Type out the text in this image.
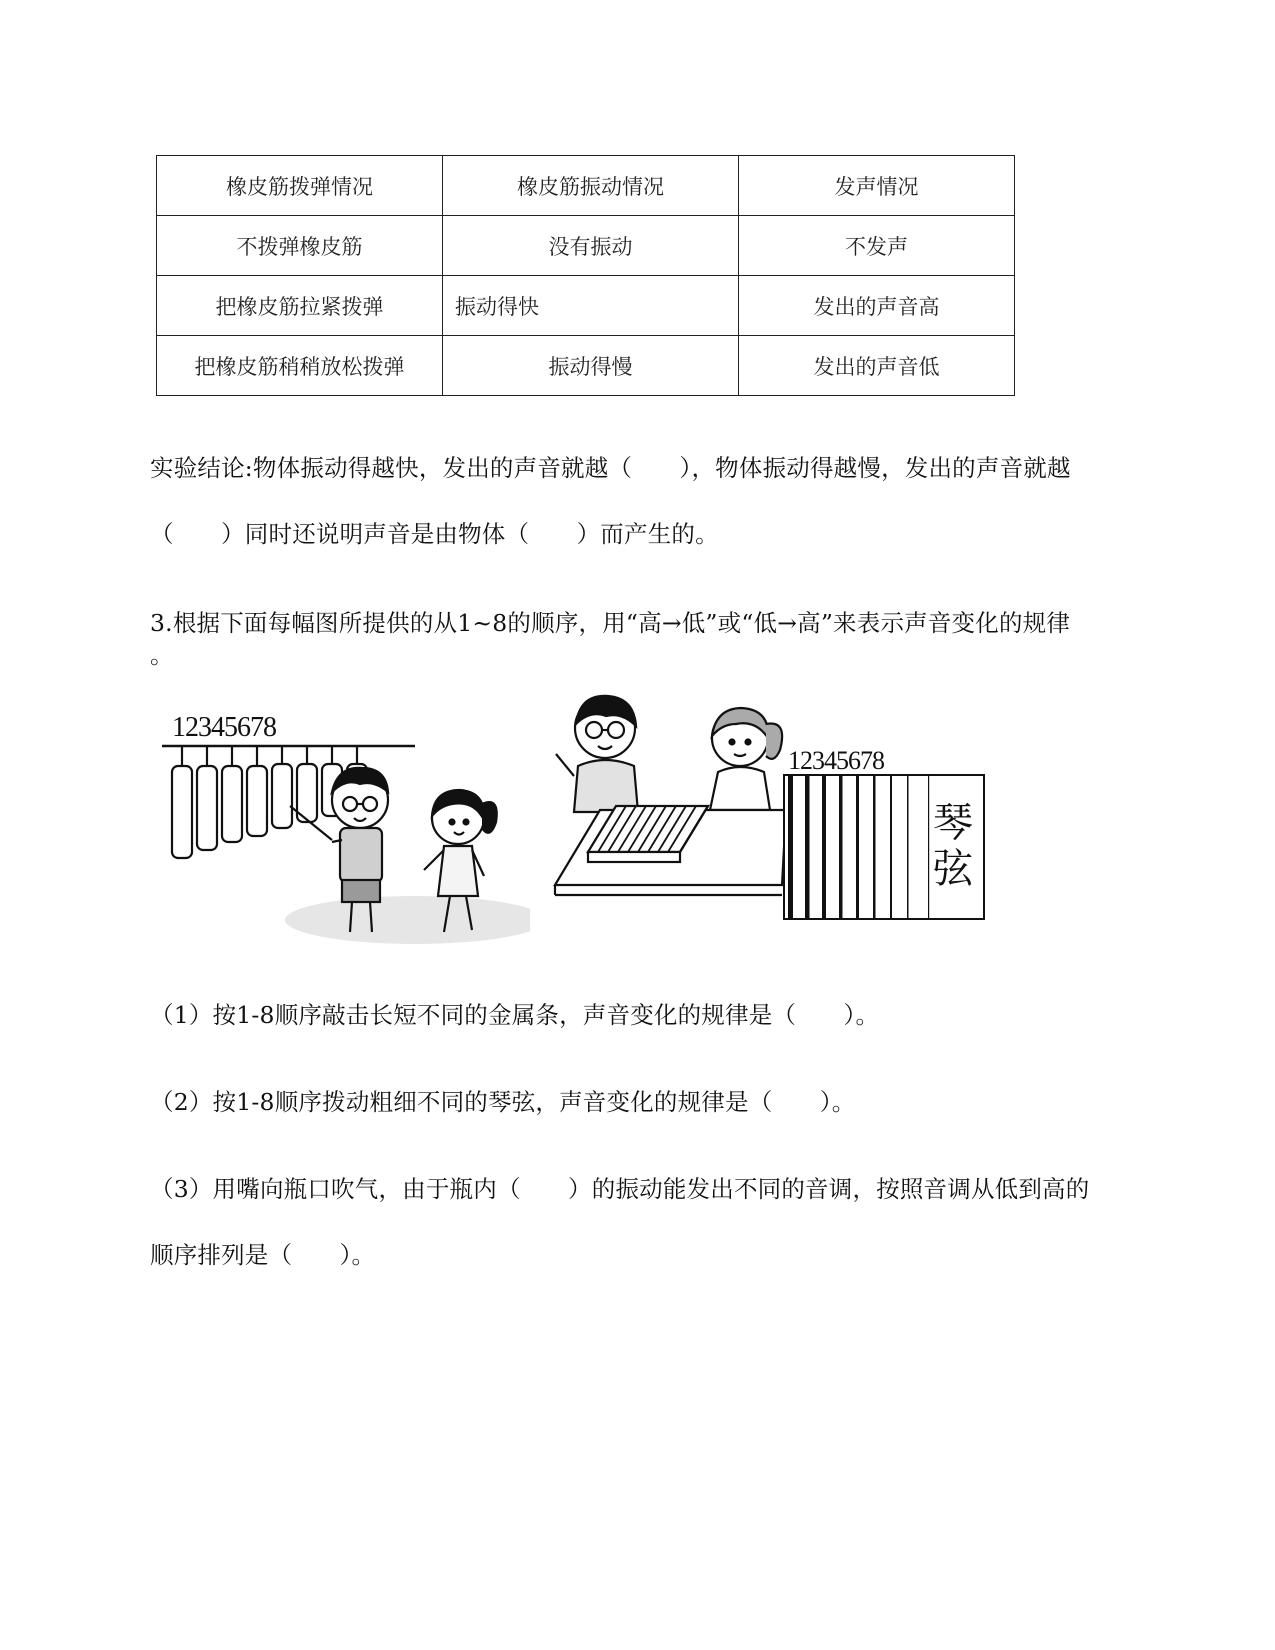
橡皮筋拨弹情况	橡皮筋振动情况	发声情况
不拨弹橡皮筋	没有振动	不发声
把橡皮筋拉紧拨弹	振动得快	发出的声音高
把橡皮筋稍稍放松拨弹	振动得慢	发出的声音低
实验结论:物体振动得越快，发出的声音就越（　　），物体振动得越慢，发出的声音就越
（　　）同时还说明声音是由物体（　　）而产生的。
3.根据下面每幅图所提供的从1~8的顺序，用“高→低”或“低→高”来表示声音变化的规律
。
12345678
12345678
琴
弦
（1）按1-8顺序敲击长短不同的金属条，声音变化的规律是（　　）。
（2）按1-8顺序拨动粗细不同的琴弦，声音变化的规律是（　　）。
（3）用嘴向瓶口吹气，由于瓶内（　　）的振动能发出不同的音调，按照音调从低到高的
顺序排列是（　　）。
